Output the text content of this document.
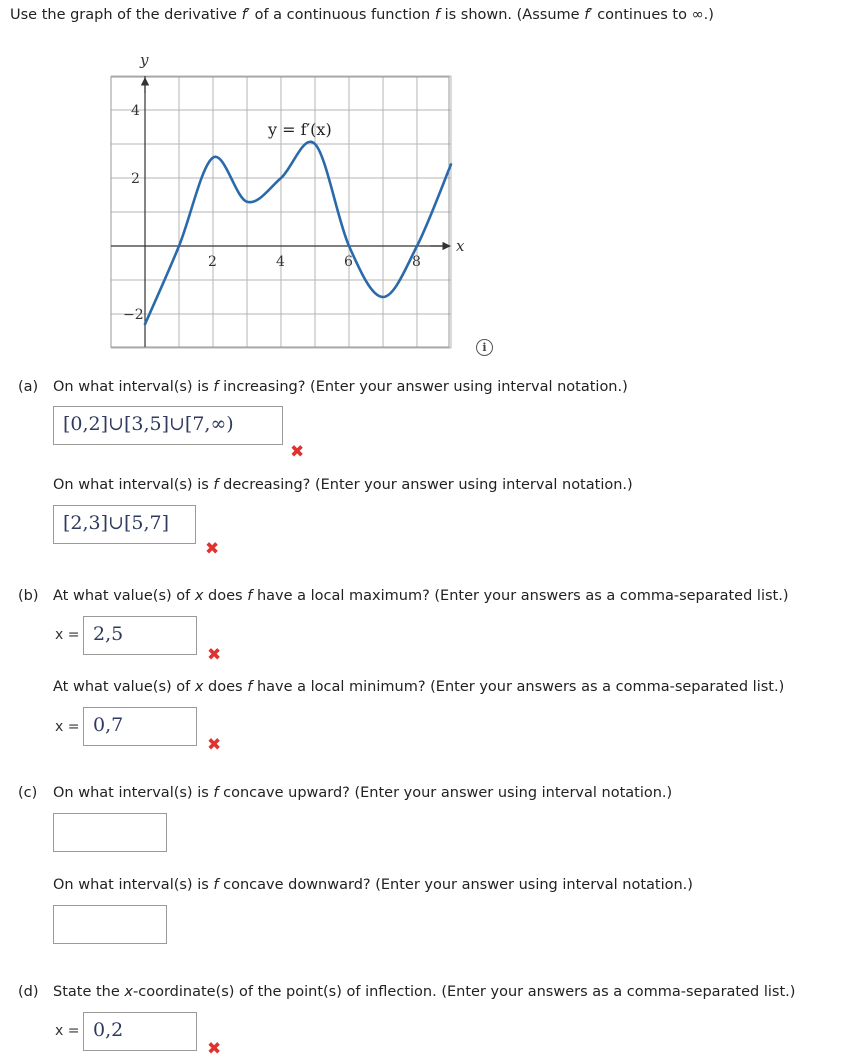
Use the graph of the derivative f′ of a continuous function f is shown. (Assume f′ continues to ∞.)
y
x
y = f′(x)
2	4	6	8
4
2
−2
i
(a) On what interval(s) is f increasing? (Enter your answer using interval notation.)
[0,2]∪[3,5]∪[7,∞)
✖
On what interval(s) is f decreasing? (Enter your answer using interval notation.)
[2,3]∪[5,7]
✖
(b) At what value(s) of x does f have a local maximum? (Enter your answers as a comma-separated list.)
x = 2,5
✖
At what value(s) of x does f have a local minimum? (Enter your answers as a comma-separated list.)
x = 0,7
✖
(c) On what interval(s) is f concave upward? (Enter your answer using interval notation.)
On what interval(s) is f concave downward? (Enter your answer using interval notation.)
(d) State the x-coordinate(s) of the point(s) of inflection. (Enter your answers as a comma-separated list.)
x = 0,2
✖
